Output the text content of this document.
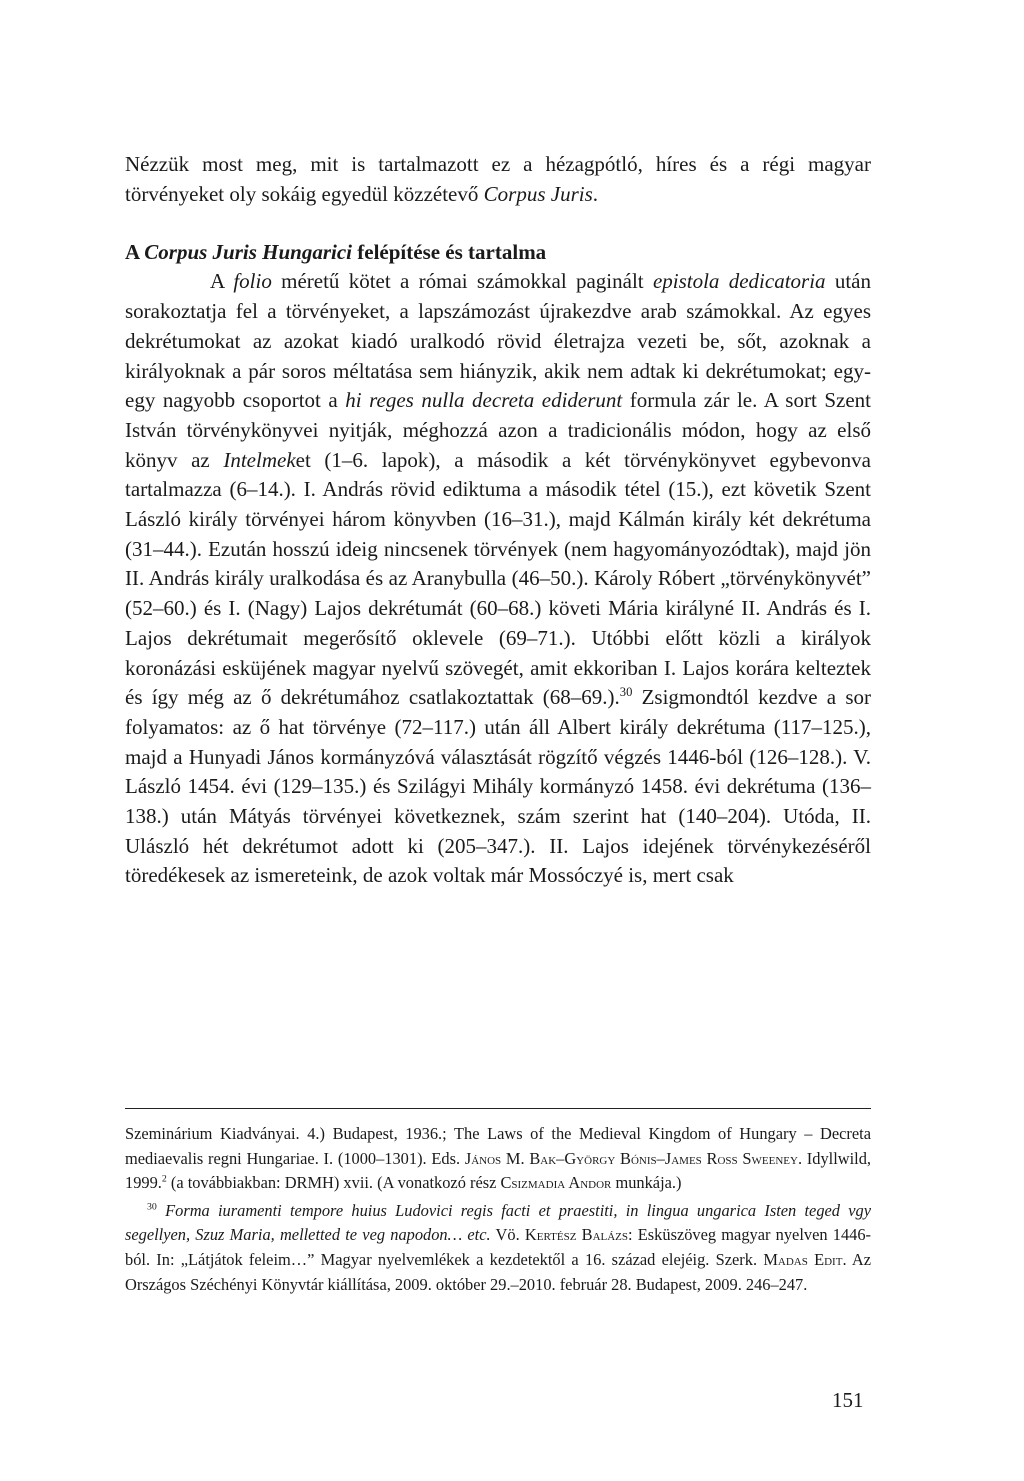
Nézzük most meg, mit is tartalmazott ez a hézagpótló, híres és a régi magyar törvényeket oly sokáig egyedül közzétevő Corpus Juris.

A Corpus Juris Hungarici felépítése és tartalma

A folio méretű kötet a római számokkal paginált epistola dedicatoria után sorakoztatja fel a törvényeket, a lapszámozást újrakezdve arab számokkal. Az egyes dekrétumokat az azokat kiadó uralkodó rövid életrajza vezeti be, sőt, azoknak a királyoknak a pár soros méltatása sem hiányzik, akik nem adtak ki dekrétumokat; egy-egy nagyobb csoportot a hi reges nulla decreta ediderunt formula zár le. A sort Szent István törvénykönyvei nyitják, méghozzá azon a tradicionális módon, hogy az első könyv az Intelmeket (1–6. lapok), a második a két törvénykönyvet egybevonva tartalmazza (6–14.). I. András rövid ediktuma a második tétel (15.), ezt követik Szent László király törvényei három könyvben (16–31.), majd Kálmán király két dekrétuma (31–44.). Ezután hosszú ideig nincsenek törvények (nem hagyományozódtak), majd jön II. András király uralkodása és az Aranybulla (46–50.). Károly Róbert „törvénykönyvét” (52–60.) és I. (Nagy) Lajos dekrétumát (60–68.) követi Mária királyné II. András és I. Lajos dekrétumait megerősítő oklevele (69–71.). Utóbbi előtt közli a királyok koronázási esküjének magyar nyelvű szövegét, amit ekkoriban I. Lajos korára kelteztek és így még az ő dekrétumához csatlakoztattak (68–69.).$^{30}$ Zsigmondtól kezdve a sor folyamatos: az ő hat törvénye (72–117.) után áll Albert király dekrétuma (117–125.), majd a Hunyadi János kormányzóvá választását rögzítő végzés 1446-ból (126–128.). V. László 1454. évi (129–135.) és Szilágyi Mihály kormányzó 1458. évi dekrétuma (136–138.) után Mátyás törvényei következnek, szám szerint hat (140–204). Utóda, II. Ulászló hét dekrétumot adott ki (205–347.). II. Lajos idejének törvénykezéséről töredékesek az ismereteink, de azok voltak már Mossóczyé is, mert csak

Szeminárium Kiadványai. 4.) Budapest, 1936.; The Laws of the Medieval Kingdom of Hungary – Decreta mediaevalis regni Hungariae. I. (1000–1301). Eds. János M. Bak–György Bónis–James Ross Sweeney. Idyllwild, 1999.$^2$ (a továbbiakban: DRMH) xvii. (A vonatkozó rész Csizmadia Andor munkája.)

$^{30}$ Forma iuramenti tempore huius Ludovici regis facti et praestiti, in lingua ungarica Isten teged vgy segellyen, Szuz Maria, melletted te veg napodon… etc. Vö. Kertész Balázs: Esküszöveg magyar nyelven 1446-ból. In: „Látjátok feleim…” Magyar nyelvemlékek a kezdetektől a 16. század elejéig. Szerk. Madas Edit. Az Országos Széchényi Könyvtár kiállítása, 2009. október 29.–2010. február 28. Budapest, 2009. 246–247.

151
